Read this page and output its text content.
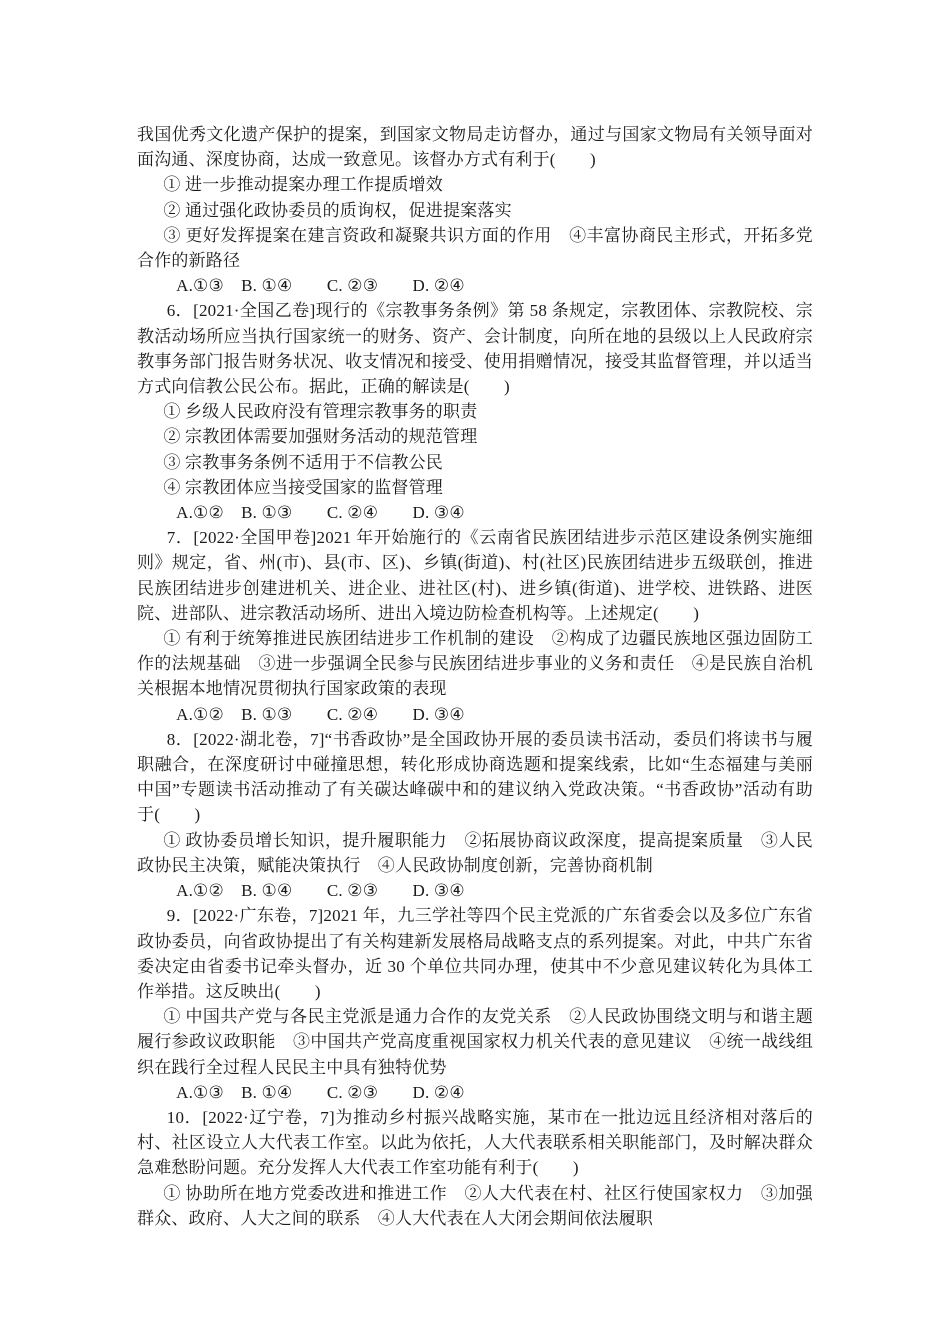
我国优秀文化遗产保护的提案，到国家文物局走访督办，通过与国家文物局有关领导面对面沟通、深度协商，达成一致意见。该督办方式有利于(　　)

① 进一步推动提案办理工作提质增效

② 通过强化政协委员的质询权，促进提案落实

③ 更好发挥提案在建言资政和凝聚共识方面的作用　④丰富协商民主形式，开拓多党合作的新路径

A.①③　B. ①④　　C. ②③　　D. ②④

6．[2021·全国乙卷]现行的《宗教事务条例》第 58 条规定，宗教团体、宗教院校、宗教活动场所应当执行国家统一的财务、资产、会计制度，向所在地的县级以上人民政府宗教事务部门报告财务状况、收支情况和接受、使用捐赠情况，接受其监督管理，并以适当方式向信教公民公布。据此，正确的解读是(　　)

① 乡级人民政府没有管理宗教事务的职责

② 宗教团体需要加强财务活动的规范管理

③ 宗教事务条例不适用于不信教公民

④ 宗教团体应当接受国家的监督管理

A.①②　B. ①③　　C. ②④　　D. ③④

7．[2022·全国甲卷]2021 年开始施行的《云南省民族团结进步示范区建设条例实施细则》规定，省、州(市)、县(市、区)、乡镇(街道)、村(社区)民族团结进步五级联创，推进民族团结进步创建进机关、进企业、进社区(村)、进乡镇(街道)、进学校、进铁路、进医院、进部队、进宗教活动场所、进出入境边防检查机构等。上述规定(　　)

① 有利于统筹推进民族团结进步工作机制的建设　②构成了边疆民族地区强边固防工作的法规基础　③进一步强调全民参与民族团结进步事业的义务和责任　④是民族自治机关根据本地情况贯彻执行国家政策的表现

A.①②　B. ①③　　C. ②④　　D. ③④

8．[2022·湖北卷，7]“书香政协”是全国政协开展的委员读书活动，委员们将读书与履职融合，在深度研讨中碰撞思想，转化形成协商选题和提案线索，比如“生态福建与美丽中国”专题读书活动推动了有关碳达峰碳中和的建议纳入党政决策。“书香政协”活动有助于(　　)

① 政协委员增长知识，提升履职能力　②拓展协商议政深度，提高提案质量　③人民政协民主决策，赋能决策执行　④人民政协制度创新，完善协商机制

A.①②　B. ①④　　C. ②③　　D. ③④

9．[2022·广东卷，7]2021 年，九三学社等四个民主党派的广东省委会以及多位广东省政协委员，向省政协提出了有关构建新发展格局战略支点的系列提案。对此，中共广东省委决定由省委书记牵头督办，近 30 个单位共同办理，使其中不少意见建议转化为具体工作举措。这反映出(　　)

① 中国共产党与各民主党派是通力合作的友党关系　②人民政协围绕文明与和谐主题履行参政议政职能　③中国共产党高度重视国家权力机关代表的意见建议　④统一战线组织在践行全过程人民民主中具有独特优势

A.①③　B. ①④　　C. ②③　　D. ②④

10．[2022·辽宁卷，7]为推动乡村振兴战略实施，某市在一批边远且经济相对落后的村、社区设立人大代表工作室。以此为依托，人大代表联系相关职能部门，及时解决群众急难愁盼问题。充分发挥人大代表工作室功能有利于(　　)

① 协助所在地方党委改进和推进工作　②人大代表在村、社区行使国家权力　③加强群众、政府、人大之间的联系　④人大代表在人大闭会期间依法履职
